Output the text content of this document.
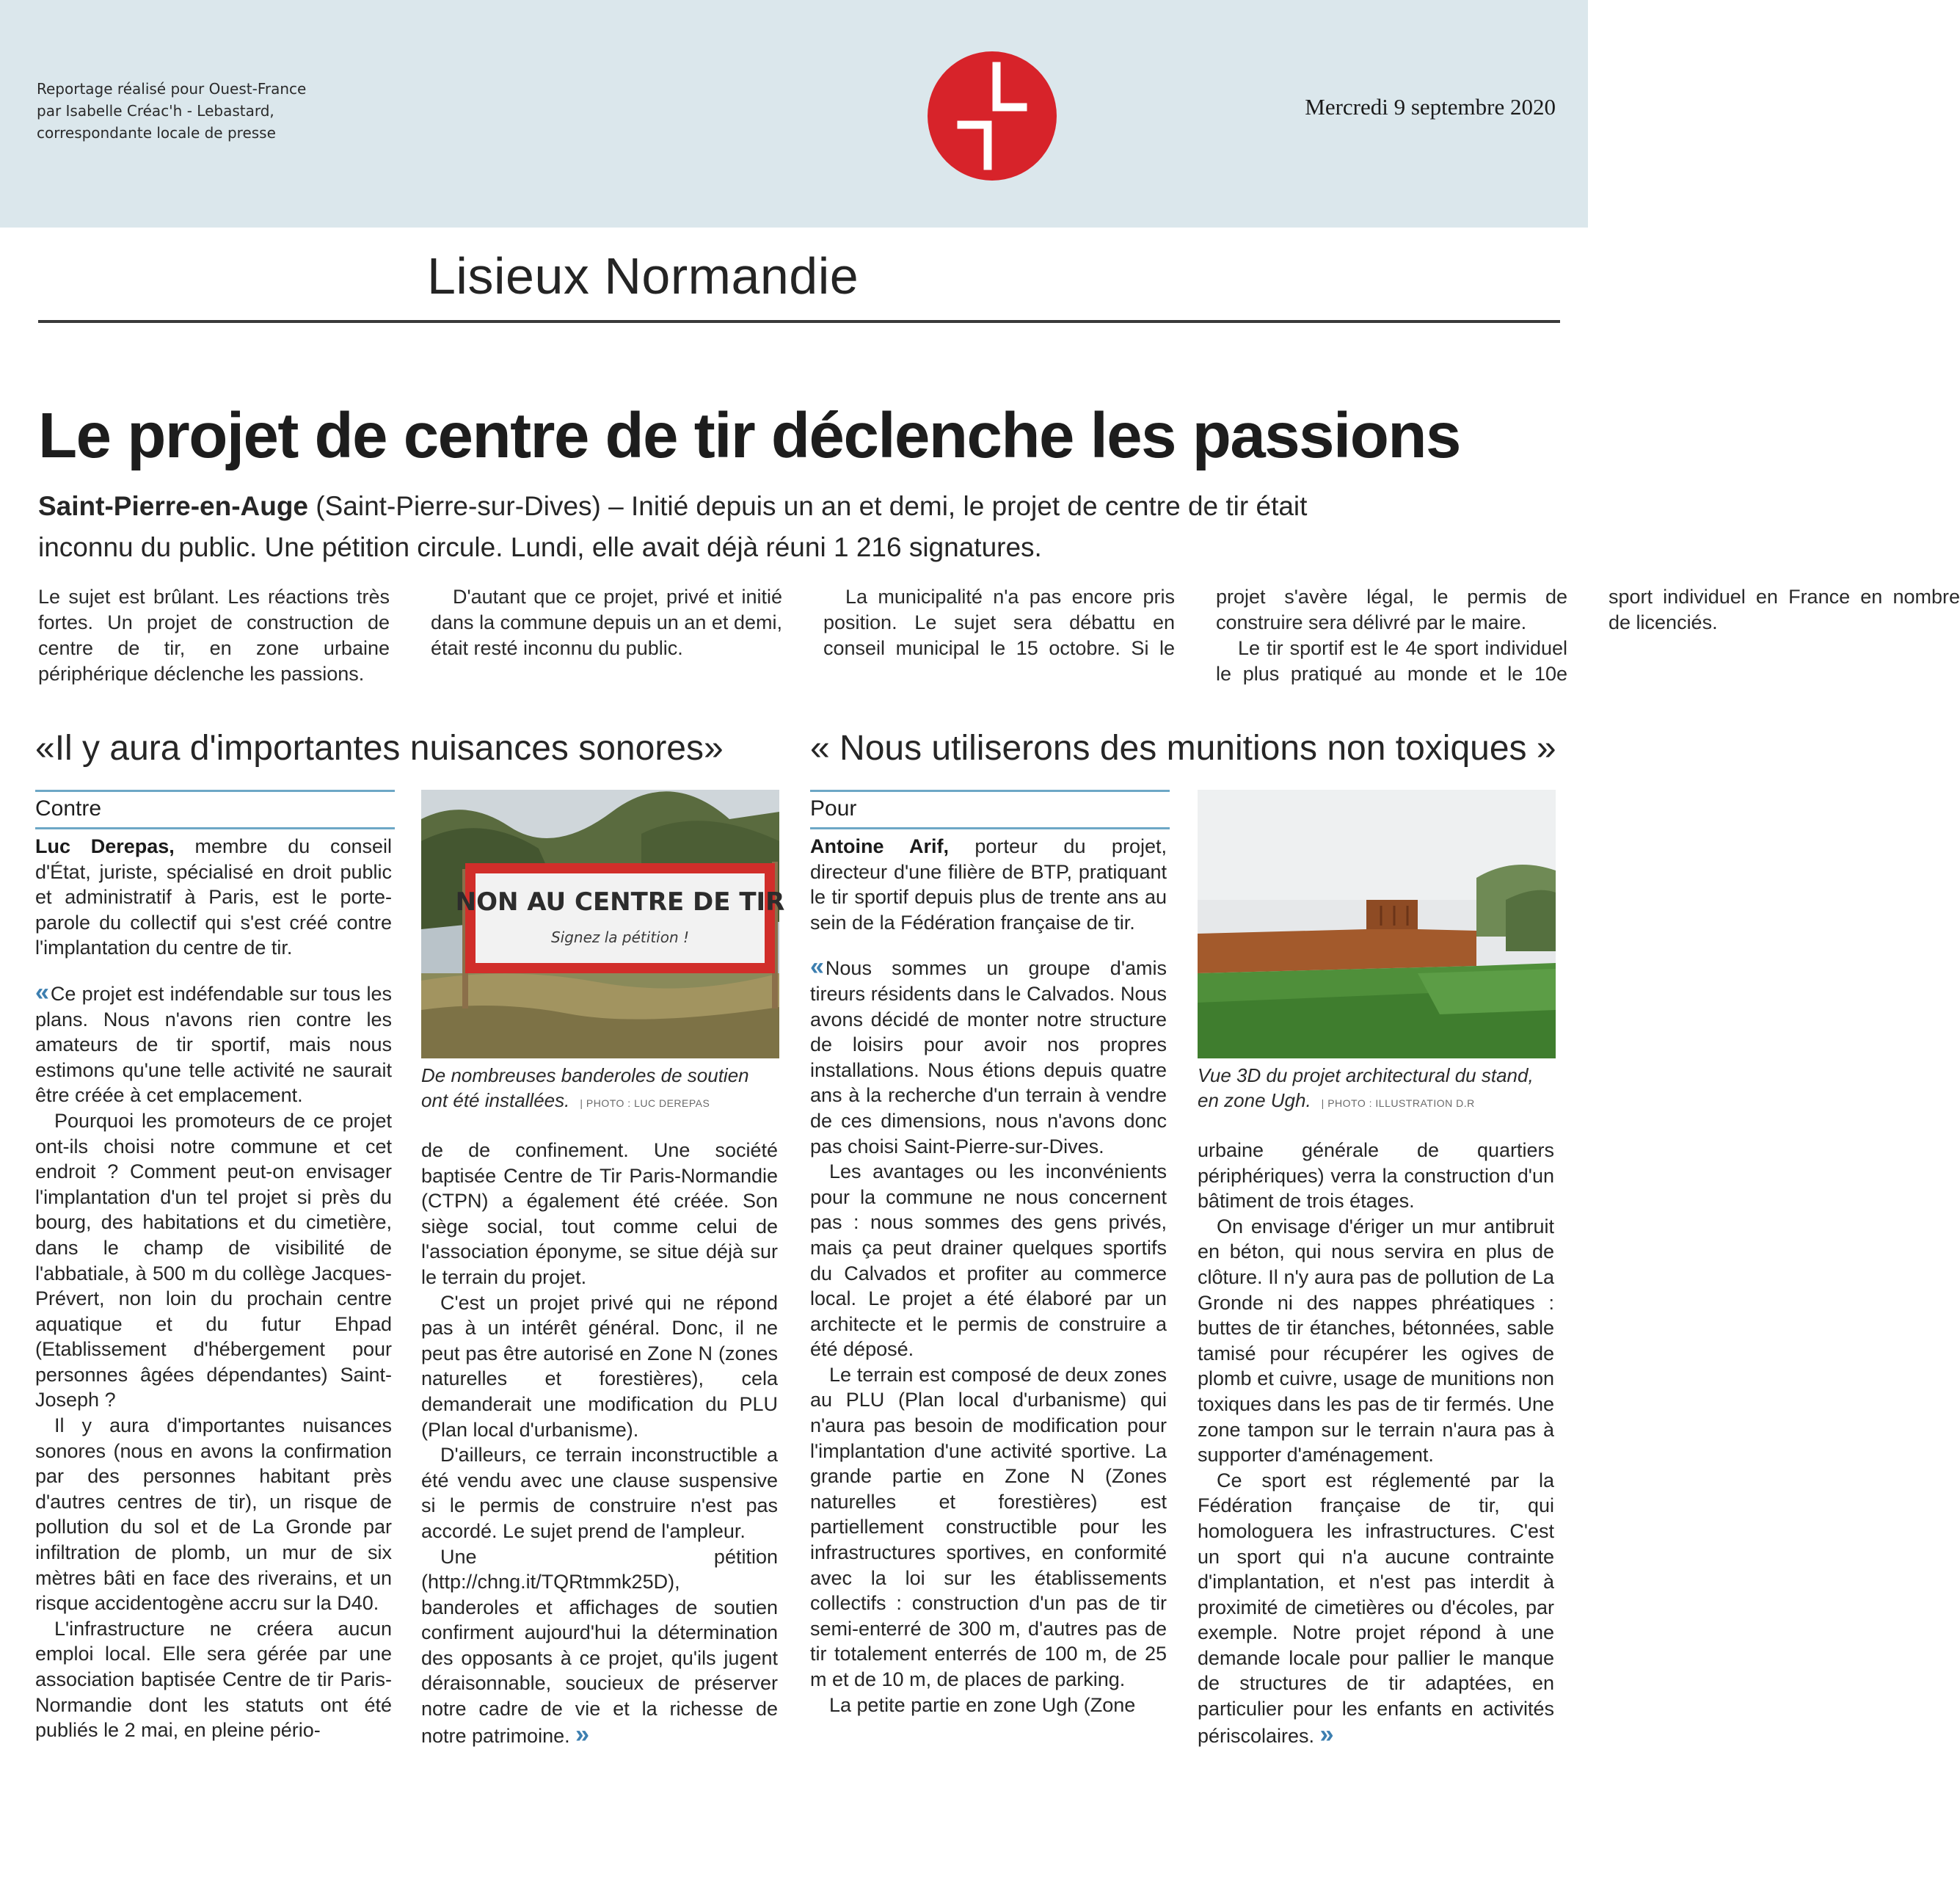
Reportage réalisé pour Ouest-France
par Isabelle Créac'h - Lebastard,
correspondante locale de presse
Mercredi 9 septembre 2020
Lisieux Normandie
Le projet de centre de tir déclenche les passions
Saint-Pierre-en-Auge (Saint-Pierre-sur-Dives) – Initié depuis un an et demi, le projet de centre de tir était inconnu du public. Une pétition circule. Lundi, elle avait déjà réuni 1 216 signatures.

Le sujet est brûlant. Les réactions très fortes. Un projet de construction de centre de tir, en zone urbaine périphérique déclenche les passions.

D'autant que ce projet, privé et initié dans la commune depuis un an et demi, était resté inconnu du public.

La municipalité n'a pas encore pris position. Le sujet sera débattu en conseil municipal le 15 octobre. Si le projet s'avère légal, le permis de construire sera délivré par le maire.

Le tir sportif est le 4e sport individuel le plus pratiqué au monde et le 10e sport individuel en France en nombre de licenciés.

«Il y aura d'importantes nuisances sonores» « Nous utiliserons des munitions non toxiques »
Contre

Luc Derepas, membre du conseil d'État, juriste, spécialisé en droit public et administratif à Paris, est le porte-parole du collectif qui s'est créé contre l'implantation du centre de tir.

« Ce projet est indéfendable sur tous les plans. Nous n'avons rien contre les amateurs de tir sportif, mais nous estimons qu'une telle activité ne saurait être créée à cet emplacement.

Pourquoi les promoteurs de ce projet ont-ils choisi notre commune et cet endroit ? Comment peut-on envisager l'implantation d'un tel projet si près du bourg, des habitations et du cimetière, dans le champ de visibilité de l'abbatiale, à 500 m du collège Jacques-Prévert, non loin du prochain centre aquatique et du futur Ehpad (Etablissement d'hébergement pour personnes âgées dépendantes) Saint-Joseph ?

Il y aura d'importantes nuisances sonores (nous en avons la confirmation par des personnes habitant près d'autres centres de tir), un risque de pollution du sol et de La Gronde par infiltration de plomb, un mur de six mètres bâti en face des riverains, et un risque accidentogène accru sur la D40.

L'infrastructure ne créera aucun emploi local. Elle sera gérée par une association baptisée Centre de tir Paris-Normandie dont les statuts ont été publiés le 2 mai, en pleine pério-

NON AU CENTRE DE TIR
Signez la pétition !
De nombreuses banderoles de soutien ont été installées. | PHOTO : LUC DEREPAS

de de confinement. Une société baptisée Centre de Tir Paris-Normandie (CTPN) a également été créée. Son siège social, tout comme celui de l'association éponyme, se situe déjà sur le terrain du projet.

C'est un projet privé qui ne répond pas à un intérêt général. Donc, il ne peut pas être autorisé en Zone N (zones naturelles et forestières), cela demanderait une modification du PLU (Plan local d'urbanisme).

D'ailleurs, ce terrain inconstructible a été vendu avec une clause suspensive si le permis de construire n'est pas accordé. Le sujet prend de l'ampleur.

Une pétition (http://chng.it/TQRtmmk25D), banderoles et affichages de soutien confirment aujourd'hui la détermination des opposants à ce projet, qu'ils jugent déraisonnable, soucieux de préserver notre cadre de vie et la richesse de notre patrimoine. »

Pour

Antoine Arif, porteur du projet, directeur d'une filière de BTP, pratiquant le tir sportif depuis plus de trente ans au sein de la Fédération française de tir.

« Nous sommes un groupe d'amis tireurs résidents dans le Calvados. Nous avons décidé de monter notre structure de loisirs pour avoir nos propres installations. Nous étions depuis quatre ans à la recherche d'un terrain à vendre de ces dimensions, nous n'avons donc pas choisi Saint-Pierre-sur-Dives.

Les avantages ou les inconvénients pour la commune ne nous concernent pas : nous sommes des gens privés, mais ça peut drainer quelques sportifs du Calvados et profiter au commerce local. Le projet a été élaboré par un architecte et le permis de construire a été déposé.

Le terrain est composé de deux zones au PLU (Plan local d'urbanisme) qui n'aura pas besoin de modification pour l'implantation d'une activité sportive. La grande partie en Zone N (Zones naturelles et forestières) est partiellement constructible pour les infrastructures sportives, en conformité avec la loi sur les établissements collectifs : construction d'un pas de tir semi-enterré de 300 m, d'autres pas de tir totalement enterrés de 100 m, de 25 m et de 10 m, de places de parking.

La petite partie en zone Ugh (Zone

Vue 3D du projet architectural du stand, en zone Ugh. | PHOTO : ILLUSTRATION D.R

urbaine générale de quartiers périphériques) verra la construction d'un bâtiment de trois étages.

On envisage d'ériger un mur antibruit en béton, qui nous servira en plus de clôture. Il n'y aura pas de pollution de La Gronde ni des nappes phréatiques : buttes de tir étanches, bétonnées, sable tamisé pour récupérer les ogives de plomb et cuivre, usage de munitions non toxiques dans les pas de tir fermés. Une zone tampon sur le terrain n'aura pas à supporter d'aménagement.

Ce sport est réglementé par la Fédération française de tir, qui homologuera les infrastructures. C'est un sport qui n'a aucune contrainte d'implantation, et n'est pas interdit à proximité de cimetières ou d'écoles, par exemple. Notre projet répond à une demande locale pour pallier le manque de structures de tir adaptées, en particulier pour les enfants en activités périscolaires. »
